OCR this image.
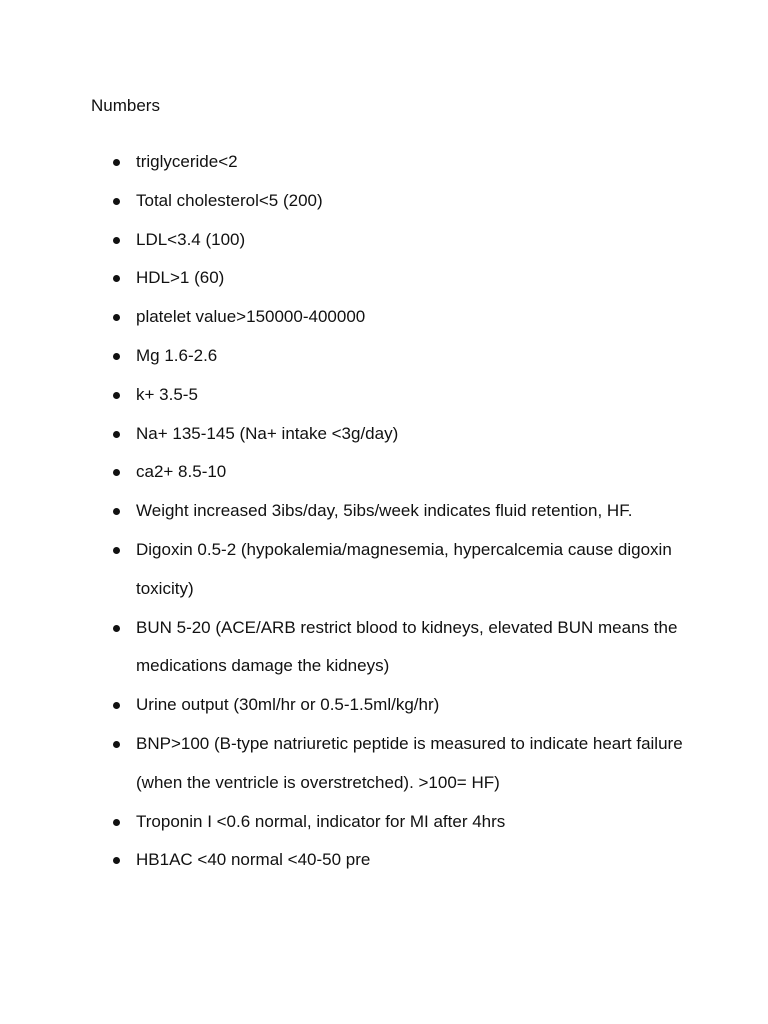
Numbers
triglyceride<2
Total cholesterol<5 (200)
LDL<3.4 (100)
HDL>1 (60)
platelet value>150000-400000
Mg 1.6-2.6
k+ 3.5-5
Na+ 135-145 (Na+ intake <3g/day)
ca2+ 8.5-10
Weight increased 3ibs/day, 5ibs/week indicates fluid retention, HF.
Digoxin 0.5-2 (hypokalemia/magnesemia, hypercalcemia cause digoxin toxicity)
BUN 5-20 (ACE/ARB restrict blood to kidneys, elevated BUN means the medications damage the kidneys)
Urine output (30ml/hr or 0.5-1.5ml/kg/hr)
BNP>100 (B-type natriuretic peptide is measured to indicate heart failure (when the ventricle is overstretched). >100= HF)
Troponin I <0.6 normal, indicator for MI after 4hrs
HB1AC <40 normal <40-50 pre
